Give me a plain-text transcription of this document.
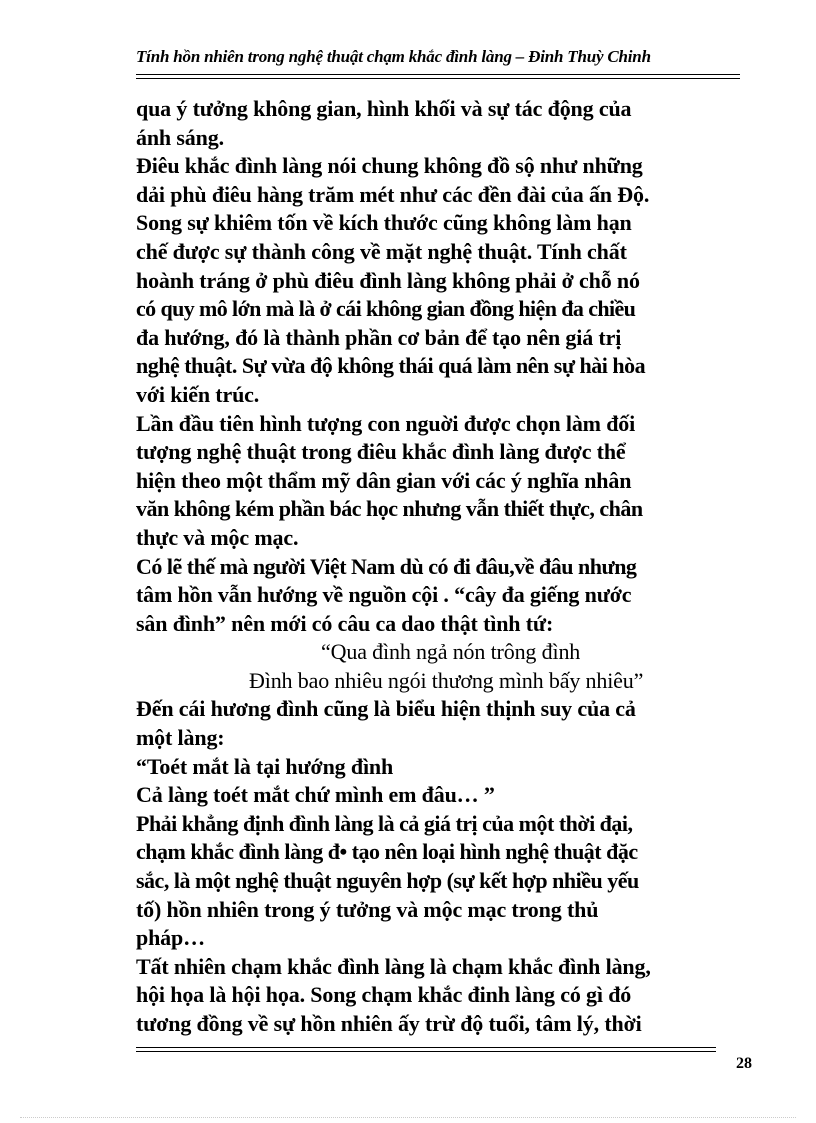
Tính hồn nhiên trong nghệ thuật chạm khắc đình làng – Đinh Thuỳ Chinh
qua ý tưởng không gian, hình khối và sự tác động của
ánh sáng.
Điêu khắc đình làng nói chung không đồ sộ như những
dải phù điêu hàng trăm mét như các đền đài của ấn Độ.
Song sự khiêm tốn về kích thước cũng không làm hạn
chế được sự thành công về mặt nghệ thuật. Tính chất
hoành tráng ở phù điêu đình làng không phải ở chỗ nó
có quy mô lớn mà là ở cái không gian đồng hiện đa chiều
đa hướng, đó là thành phần cơ bản để tạo nên giá trị
nghệ thuật. Sự vừa độ không thái quá làm nên sự hài hòa
với kiến trúc.
Lần đầu tiên hình tượng con nguời được chọn làm đối
tượng nghệ thuật trong điêu khắc đình làng được thể
hiện theo một thẩm mỹ dân gian với các ý nghĩa nhân
văn không kém phần bác học nhưng vẫn thiết thực, chân
thực và mộc mạc.
Có lẽ thế mà người Việt Nam dù có đi đâu,về đâu nhưng
tâm hồn vẫn hướng về nguồn cội . “cây đa giếng nước
sân đình” nên mới có câu ca dao thật tình tứ:
“Qua đình ngả nón trông đình
Đình bao nhiêu ngói thương mình bấy nhiêu”
Đến cái hương đình cũng là biểu hiện thịnh suy của cả
một làng:
“Toét mắt là tại hướng đình
Cả làng toét mắt chứ mình em đâu… ”
Phải khẳng định đình làng là cả giá trị của một thời đại,
chạm khắc đình làng đ• tạo nên loại hình nghệ thuật đặc
sắc, là một nghệ thuật nguyên hợp (sự kết hợp nhiều yếu
tố) hồn nhiên trong ý tưởng và mộc mạc trong thủ
pháp…
Tất nhiên chạm khắc đình làng là chạm khắc đình làng,
hội họa là hội họa. Song chạm khắc đinh làng có gì đó
tương đồng về sự hồn nhiên ấy trừ độ tuổi, tâm lý, thời
28
